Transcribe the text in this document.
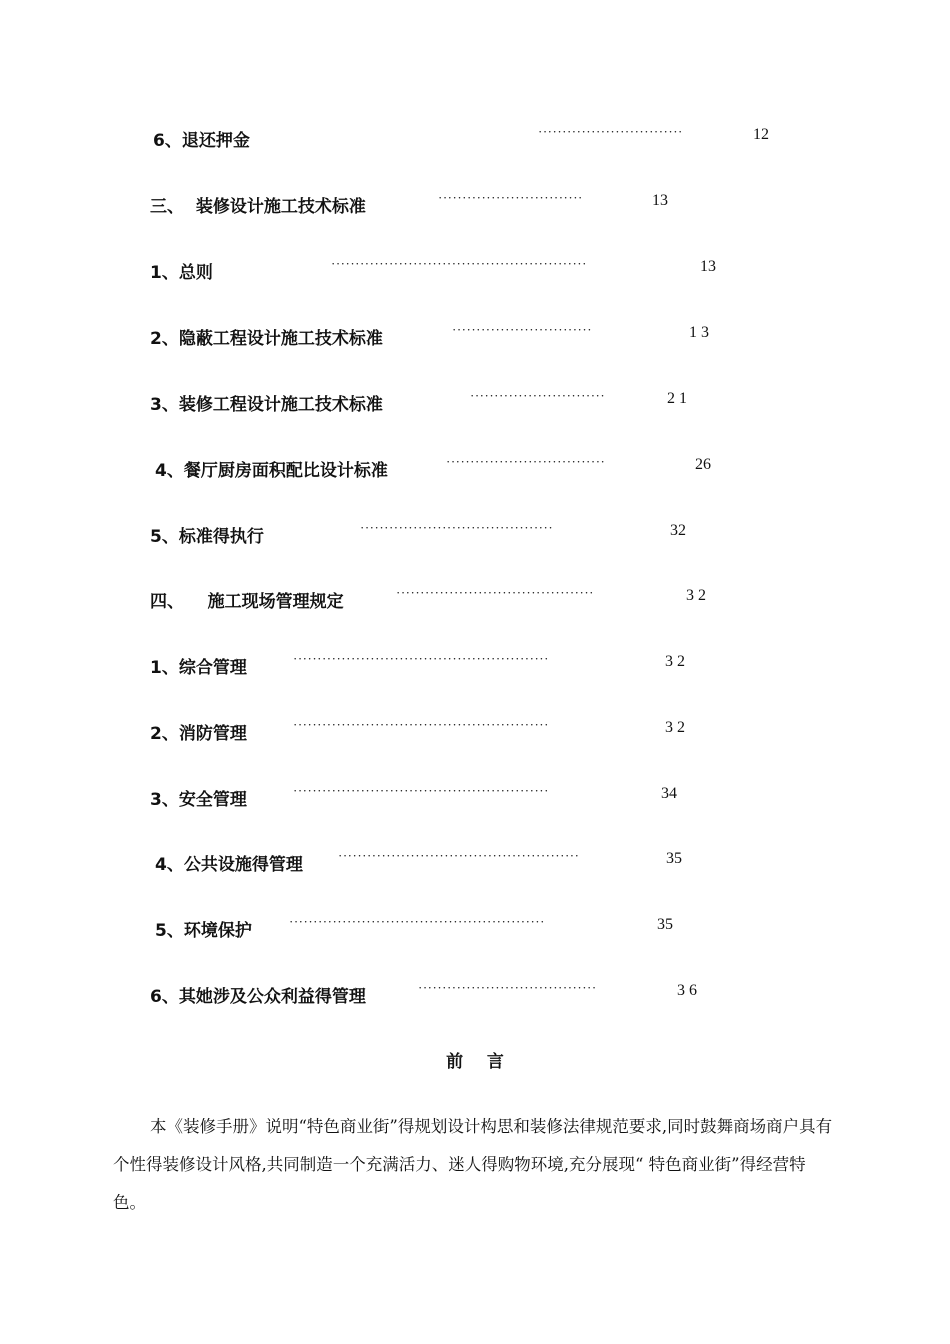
6、退还押金	······························	12
三、  装修设计施工技术标准	······························	13
1、总则	·····················································	13
2、隐蔽工程设计施工技术标准	·····························	1 3
3、装修工程设计施工技术标准	····························	2 1
4、餐厅厨房面积配比设计标准	·································	26
5、标准得执行	········································	32
四、    施工现场管理规定	·········································	3 2
1、综合管理	·····················································	3 2
2、消防管理	·····················································	3 2
3、安全管理	·····················································	34
4、公共设施得管理	··················································	35
5、环境保护	·····················································	35
6、其她涉及公众利益得管理	·····································	3 6
前    言

本《装修手册》说明“特色商业街”得规划设计构思和装修法律规范要求,同时鼓舞商场商户具有个性得装修设计风格,共同制造一个充满活力、迷人得购物环境,充分展现“ 特色商业街”得经营特色。
